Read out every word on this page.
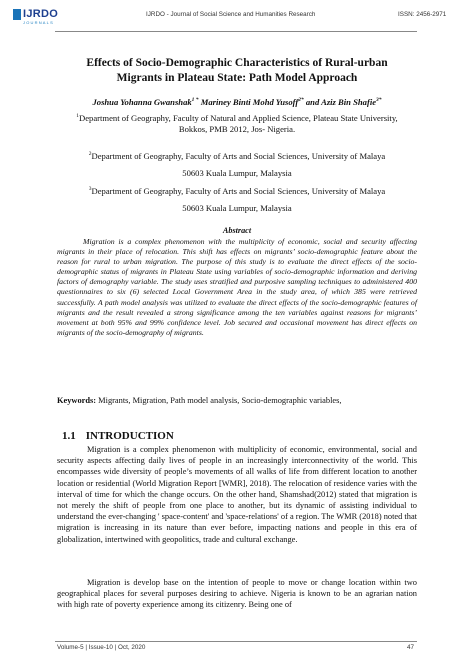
IJRDO
JOURNALS
IJRDO - Journal of Social Science and Humanities Research	ISSN: 2456-2971
Effects of Socio-Demographic Characteristics of Rural-urban
Migrants in Plateau State: Path Model Approach
Joshua Yohanna Gwanshak$^{1 *}$ Mariney Binti Mohd Yusoff$^{2*}$ and Aziz Bin Shafie$^{3*}$
$^1$Department of Geography, Faculty of Natural and Applied Science, Plateau State University,
Bokkos, PMB 2012, Jos- Nigeria.
$^2$Department of Geography, Faculty of Arts and Social Sciences, University of Malaya
50603 Kuala Lumpur, Malaysia
$^3$Department of Geography, Faculty of Arts and Social Sciences, University of Malaya
50603 Kuala Lumpur, Malaysia
Abstract

Migration is a complex phenomenon with the multiplicity of economic, social and security affecting migrants in their place of relocation. This shift has effects on migrants’ socio-demographic feature about the reason for rural to urban migration. The purpose of this study is to evaluate the direct effects of the socio-demographic status of migrants in Plateau State using variables of socio-demographic information and deriving factors of demography variable. The study uses stratified and purposive sampling techniques to administered 400 questionnaires to six (6) selected Local Government Area in the study area, of which 385 were retrieved successfully. A path model analysis was utilized to evaluate the direct effects of the socio-demographic features of migrants and the result revealed a strong significance among the ten variables against reasons for migrants’ movement at both 95% and 99% confidence level. Job secured and occasional movement has direct effects on migrants of the socio-demography of migrants.

Keywords: Migrants, Migration, Path model analysis, Socio-demographic variables,
1.1 INTRODUCTION

Migration is a complex phenomenon with multiplicity of economic, environmental, social and security aspects affecting daily lives of people in an increasingly interconnectivity of the world. This encompasses wide diversity of people’s movements of all walks of life from different location to another location or residential (World Migration Report [WMR], 2018). The relocation of residence varies with the interval of time for which the change occurs. On the other hand, Shamshad(2012) stated that migration is not merely the shift of people from one place to another, but its dynamic of assisting individual to understand the ever-changing ' space-content' and 'space-relations' of a region. The WMR (2018) noted that migration is increasing in its nature than ever before, impacting nations and people in this era of globalization, intertwined with geopolitics, trade and cultural exchange.

Migration is develop base on the intention of people to move or change location within two geographical places for several purposes desiring to achieve. Nigeria is known to be an agrarian nation with high rate of poverty experience among its citizenry. Being one of

Volume-5 | Issue-10 | Oct, 2020	47
